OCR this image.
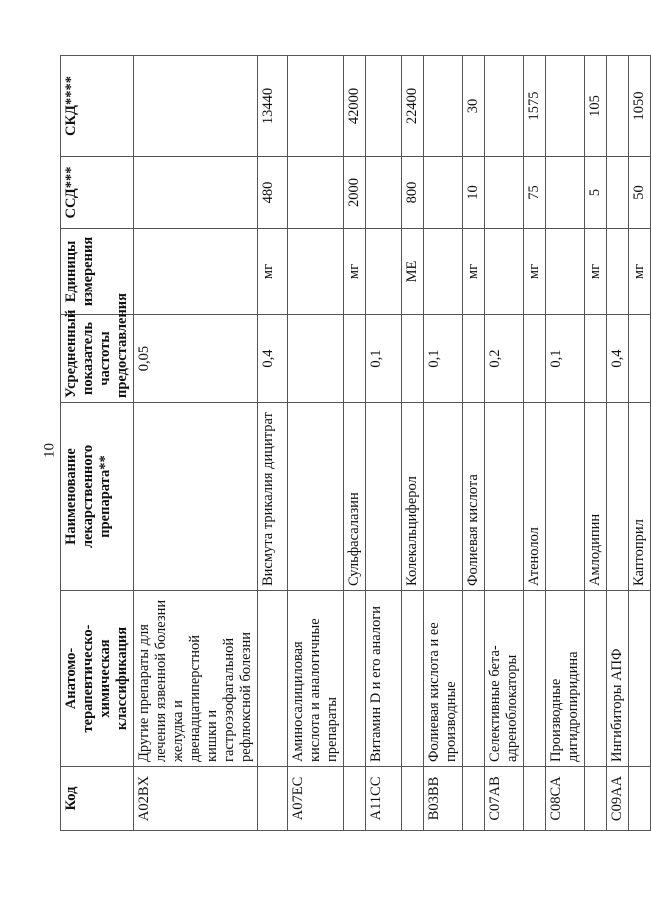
10
Код	Анатомо-терапевтическо-химическая классификация	Наименование лекарственного препарата**	Усредненный показатель частоты предоставления	Единицы измерения	ССД***	СКД****
A02BX	Другие препараты для лечения язвенной болезни желудка и двенадцатиперстной кишки и гастроэзофагальной рефлюксной болезни		0,05			
		Висмута трикалия дицитрат	0,4	мг	480	13440
A07EC	Аминосалициловая кислота и аналогичные препараты					
		Сульфасалазин		мг	2000	42000
A11CC	Витамин D и его аналоги		0,1			
		Колекальциферол		МЕ	800	22400
B03BB	Фолиевая кислота и ее производные		0,1			
		Фолиевая кислота		мг	10	30
C07AB	Селективные бета-адреноблокаторы		0,2			
		Атенолол		мг	75	1575
C08CA	Производные дигидропиридина		0,1			
		Амлодипин		мг	5	105
C09AA	Ингибиторы АПФ		0,4			
		Каптоприл		мг	50	1050
